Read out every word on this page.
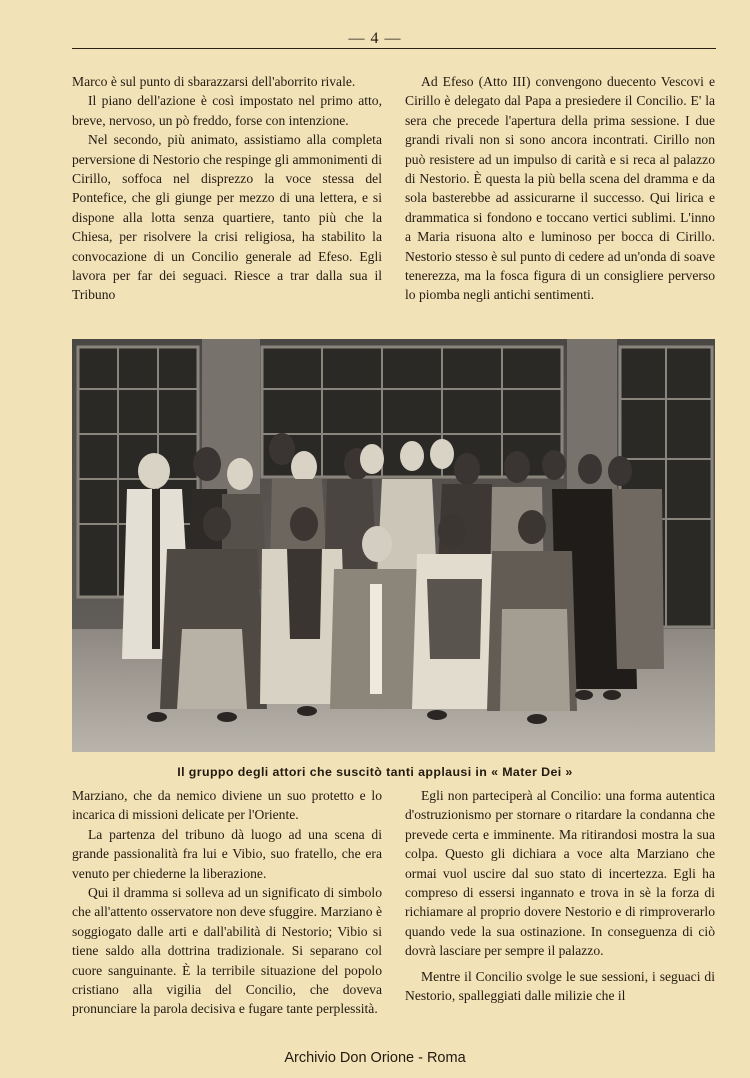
— 4 —

Marco è sul punto di sbarazzarsi dell'aborrito rivale.

Il piano dell'azione è così impostato nel primo atto, breve, nervoso, un pò freddo, forse con intenzione.

Nel secondo, più animato, assistiamo alla completa perversione di Nestorio che respinge gli ammonimenti di Cirillo, soffoca nel disprezzo la voce stessa del Pontefice, che gli giunge per mezzo di una lettera, e si dispone alla lotta senza quartiere, tanto più che la Chiesa, per risolvere la crisi religiosa, ha stabilito la convocazione di un Concilio generale ad Efeso. Egli lavora per far dei seguaci. Riesce a trar dalla sua il Tribuno

Ad Efeso (Atto III) convengono duecento Vescovi e Cirillo è delegato dal Papa a presiedere il Concilio. E' la sera che precede l'apertura della prima sessione. I due grandi rivali non si sono ancora incontrati. Cirillo non può resistere ad un impulso di carità e si reca al palazzo di Nestorio. È questa la più bella scena del dramma e da sola basterebbe ad assicurarne il successo. Qui lirica e drammatica si fondono e toccano vertici sublimi. L'inno a Maria risuona alto e luminoso per bocca di Cirillo. Nestorio stesso è sul punto di cedere ad un'onda di soave tenerezza, ma la fosca figura di un consigliere perverso lo piomba negli antichi sentimenti.

Il gruppo degli attori che suscitò tanti applausi in « Mater Dei »

Marziano, che da nemico diviene un suo protetto e lo incarica di missioni delicate per l'Oriente.

La partenza del tribuno dà luogo ad una scena di grande passionalità fra lui e Vibio, suo fratello, che era venuto per chiederne la liberazione.

Qui il dramma si solleva ad un significato di simbolo che all'attento osservatore non deve sfuggire. Marziano è soggiogato dalle arti e dall'abilità di Nestorio; Vibio si tiene saldo alla dottrina tradizionale. Si separano col cuore sanguinante. È la terribile situazione del popolo cristiano alla vigilia del Concilio, che doveva pronunciare la parola decisiva e fugare tante perplessità.

Egli non parteciperà al Concilio: una forma autentica d'ostruzionismo per stornare o ritardare la condanna che prevede certa e imminente. Ma ritirandosi mostra la sua colpa. Questo gli dichiara a voce alta Marziano che ormai vuol uscire dal suo stato di incertezza. Egli ha compreso di essersi ingannato e trova in sè la forza di richiamare al proprio dovere Nestorio e di rimproverarlo quando vede la sua ostinazione. In conseguenza di ciò dovrà lasciare per sempre il palazzo.

Mentre il Concilio svolge le sue sessioni, i seguaci di Nestorio, spalleggiati dalle milizie che il

Archivio Don Orione - Roma
